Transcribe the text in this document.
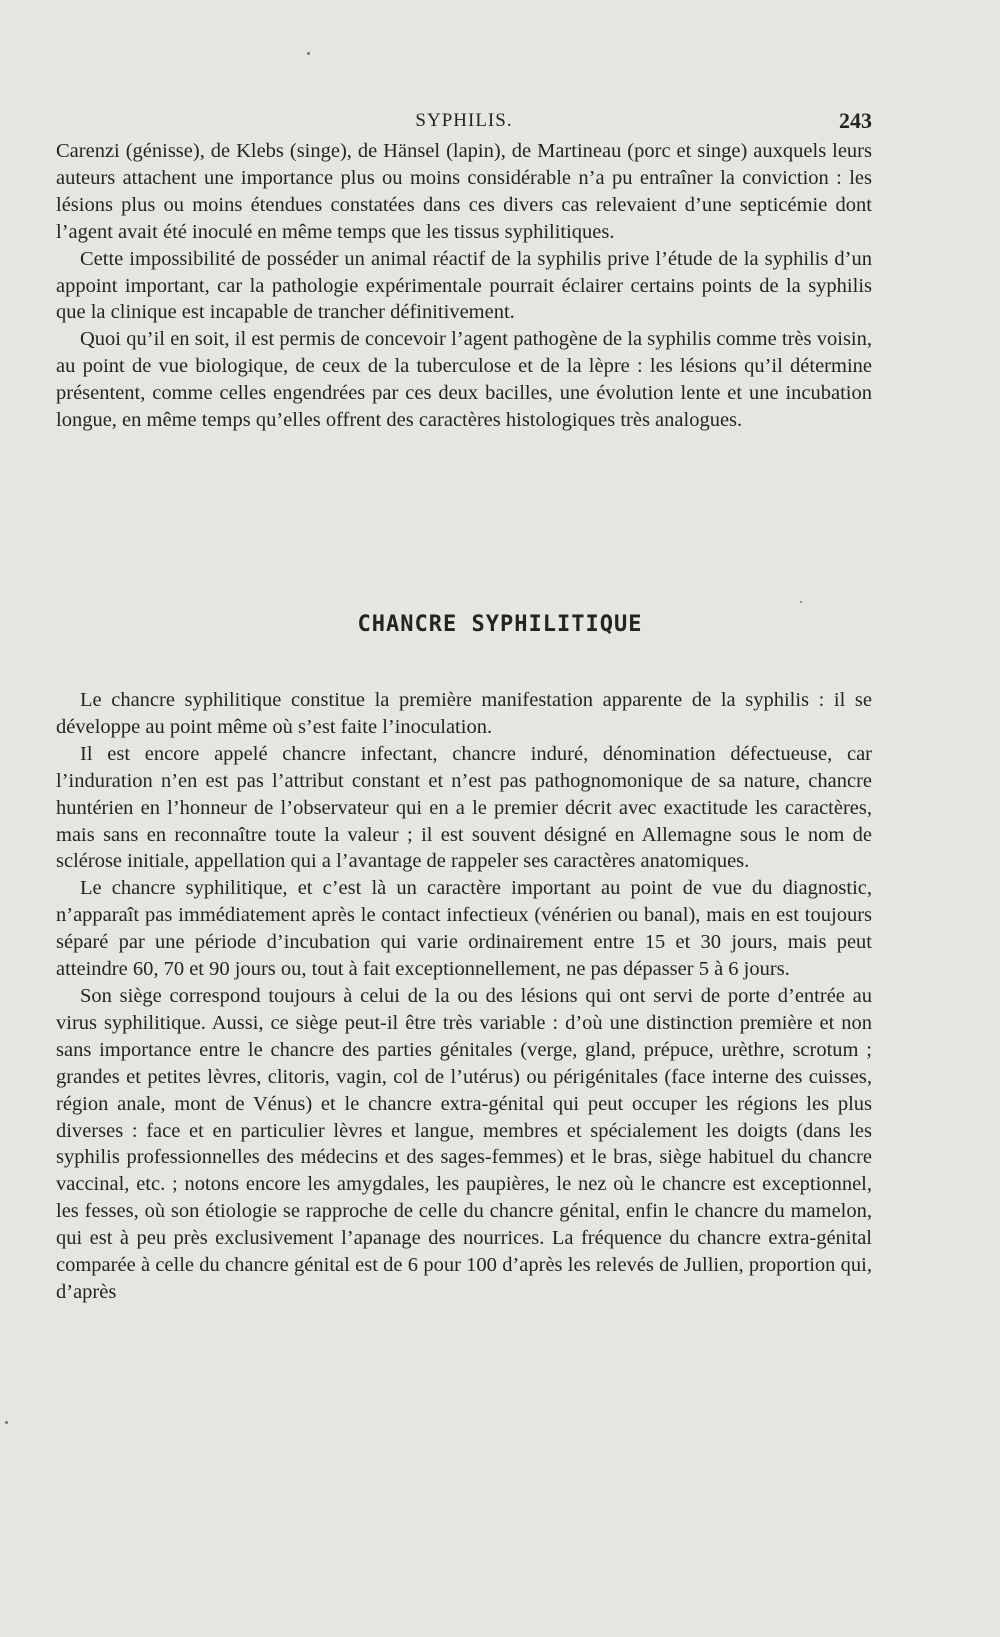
SYPHILIS.	243

Carenzi (génisse), de Klebs (singe), de Hänsel (lapin), de Martineau (porc et singe) auxquels leurs auteurs attachent une importance plus ou moins considérable n’a pu entraîner la conviction : les lésions plus ou moins étendues constatées dans ces divers cas relevaient d’une septicémie dont l’agent avait été inoculé en même temps que les tissus syphilitiques.

Cette impossibilité de posséder un animal réactif de la syphilis prive l’étude de la syphilis d’un appoint important, car la pathologie expérimentale pourrait éclairer certains points de la syphilis que la clinique est incapable de trancher définitivement.

Quoi qu’il en soit, il est permis de concevoir l’agent pathogène de la syphilis comme très voisin, au point de vue biologique, de ceux de la tuberculose et de la lèpre : les lésions qu’il détermine présentent, comme celles engendrées par ces deux bacilles, une évolution lente et une incubation longue, en même temps qu’elles offrent des caractères histologiques très analogues.

CHANCRE SYPHILITIQUE

Le chancre syphilitique constitue la première manifestation apparente de la syphilis : il se développe au point même où s’est faite l’inoculation.

Il est encore appelé chancre infectant, chancre induré, dénomination défectueuse, car l’induration n’en est pas l’attribut constant et n’est pas pathognomonique de sa nature, chancre huntérien en l’honneur de l’observateur qui en a le premier décrit avec exactitude les caractères, mais sans en reconnaître toute la valeur ; il est souvent désigné en Allemagne sous le nom de sclérose initiale, appellation qui a l’avantage de rappeler ses caractères anatomiques.

Le chancre syphilitique, et c’est là un caractère important au point de vue du diagnostic, n’apparaît pas immédiatement après le contact infectieux (vénérien ou banal), mais en est toujours séparé par une période d’incubation qui varie ordinairement entre 15 et 30 jours, mais peut atteindre 60, 70 et 90 jours ou, tout à fait exceptionnellement, ne pas dépasser 5 à 6 jours.

Son siège correspond toujours à celui de la ou des lésions qui ont servi de porte d’entrée au virus syphilitique. Aussi, ce siège peut-il être très variable : d’où une distinction première et non sans importance entre le chancre des parties génitales (verge, gland, prépuce, urèthre, scrotum ; grandes et petites lèvres, clitoris, vagin, col de l’utérus) ou périgénitales (face interne des cuisses, région anale, mont de Vénus) et le chancre extra-génital qui peut occuper les régions les plus diverses : face et en particulier lèvres et langue, membres et spécialement les doigts (dans les syphilis professionnelles des médecins et des sages-femmes) et le bras, siège habituel du chancre vaccinal, etc. ; notons encore les amygdales, les paupières, le nez où le chancre est exceptionnel, les fesses, où son étiologie se rapproche de celle du chancre génital, enfin le chancre du mamelon, qui est à peu près exclusivement l’apanage des nourrices. La fréquence du chancre extra-génital comparée à celle du chancre génital est de 6 pour 100 d’après les relevés de Jullien, proportion qui, d’après
